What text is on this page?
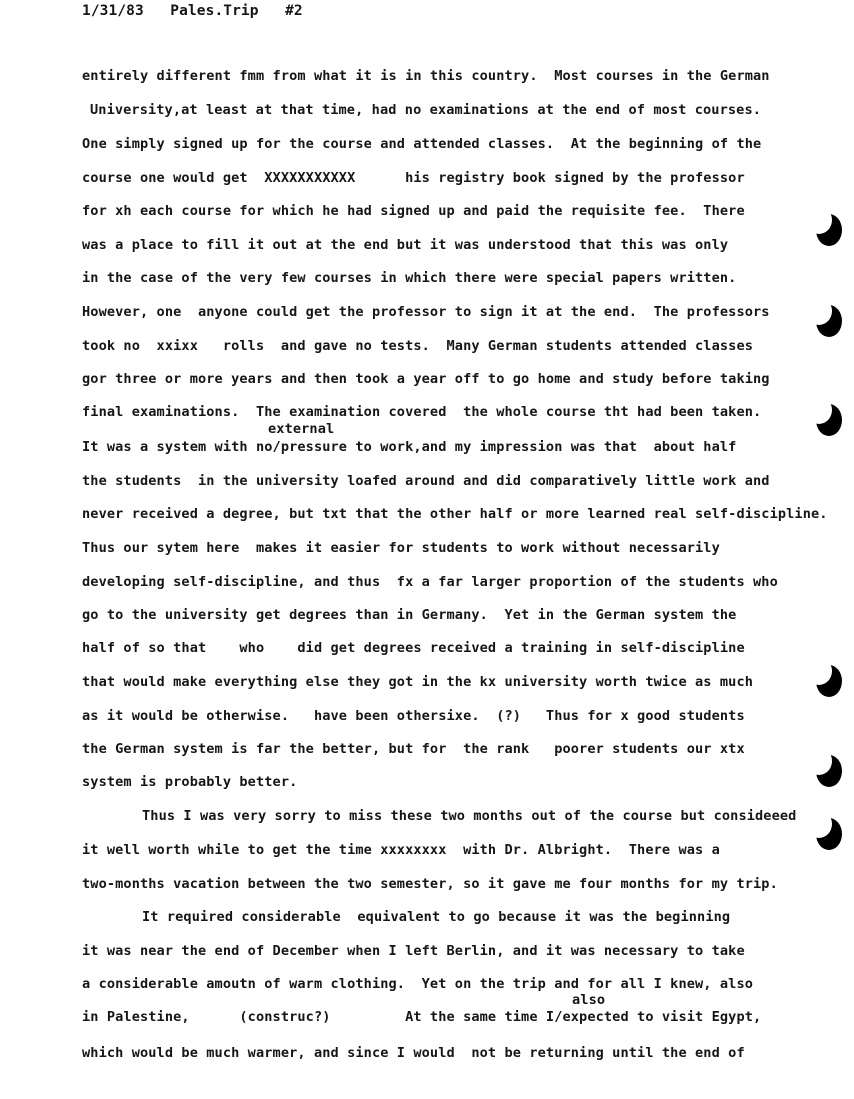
1/31/83   Pales.Trip   #2
entirely different fmm from what it is in this country.  Most courses in the German
University,at least at that time, had no examinations at the end of most courses.
One simply signed up for the course and attended classes.  At the beginning of the
course one would get  XXXXXXXXXXX      his registry book signed by the professor
for xh each course for which he had signed up and paid the requisite fee.  There
was a place to fill it out at the end but it was understood that this was only
in the case of the very few courses in which there were special papers written.
However, one  anyone could get the professor to sign it at the end.  The professors
took no  xxixx   rolls  and gave no tests.  Many German students attended classes
gor three or more years and then took a year off to go home and study before taking
final examinations.  The examination covered  the whole course tht had been taken.
external
It was a system with no/pressure to work,and my impression was that  about half
the students  in the university loafed around and did comparatively little work and
never received a degree, but txt that the other half or more learned real self-discipline.
Thus our sytem here  makes it easier for students to work without necessarily
developing self-discipline, and thus  fx a far larger proportion of the students who
go to the university get degrees than in Germany.  Yet in the German system the
half of so that    who    did get degrees received a training in self-discipline
that would make everything else they got in the kx university worth twice as much
as it would be otherwise.   have been othersixe.  (?)   Thus for x good students
the German system is far the better, but for  the rank   poorer students our xtx
system is probably better.
Thus I was very sorry to miss these two months out of the course but consideeed
it well worth while to get the time xxxxxxxx  with Dr. Albright.  There was a
two-months vacation between the two semester, so it gave me four months for my trip.
It required considerable  equivalent to go because it was the beginning
it was near the end of December when I left Berlin, and it was necessary to take
a considerable amoutn of warm clothing.  Yet on the trip and for all I knew, also
also
in Palestine,      (construc?)         At the same time I/expected to visit Egypt,
which would be much warmer, and since I would  not be returning until the end of
